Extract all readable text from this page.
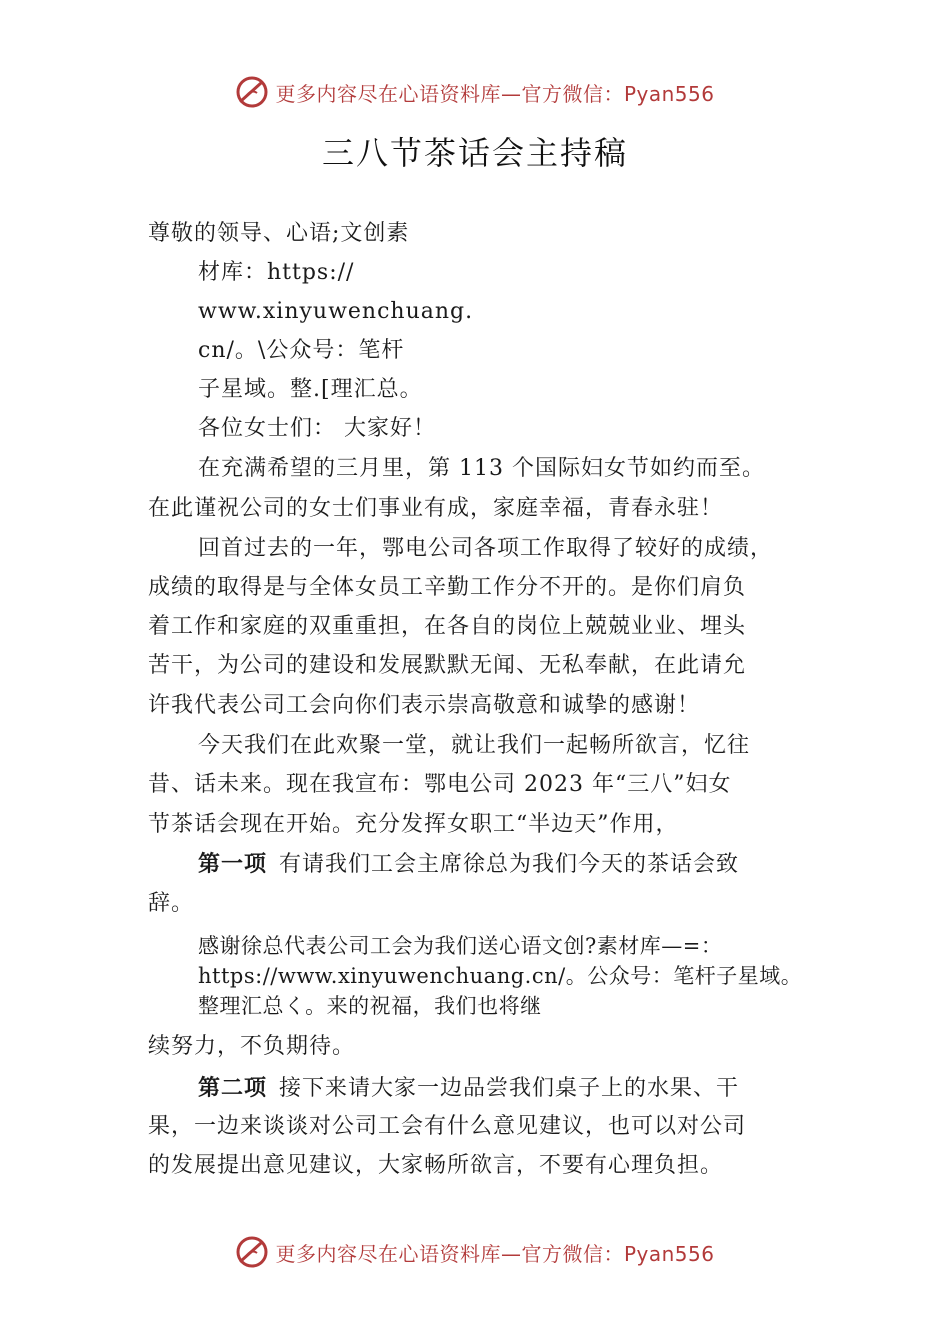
更多内容尽在心语资料库—官方微信：Pyan556
三八节茶话会主持稿
尊敬的领导、心语;文创素
材库：https://
www.xinyuwenchuang.
cn/。\公众号：笔杆
子星域。整.[理汇总。
各位女士们： 大家好！
在充满希望的三月里，第 113 个国际妇女节如约而至。
在此谨祝公司的女士们事业有成，家庭幸福，青春永驻！
回首过去的一年，鄂电公司各项工作取得了较好的成绩，
成绩的取得是与全体女员工辛勤工作分不开的。是你们肩负
着工作和家庭的双重重担，在各自的岗位上兢兢业业、埋头
苦干，为公司的建设和发展默默无闻、无私奉献，在此请允
许我代表公司工会向你们表示崇高敬意和诚挚的感谢！
今天我们在此欢聚一堂，就让我们一起畅所欲言，忆往
昔、话未来。现在我宣布：鄂电公司 2023 年“三八”妇女
节茶话会现在开始。充分发挥女职工“半边天”作用，
第一项 有请我们工会主席徐总为我们今天的茶话会致
辞。
感谢徐总代表公司工会为我们送心语文创?素材库—=：
https://www.xinyuwenchuang.cn/。公众号：笔杆子星域。
整理汇总く。来的祝福，我们也将继
续努力，不负期待。
第二项 接下来请大家一边品尝我们桌子上的水果、干
果，一边来谈谈对公司工会有什么意见建议，也可以对公司
的发展提出意见建议，大家畅所欲言，不要有心理负担。
更多内容尽在心语资料库—官方微信：Pyan556
